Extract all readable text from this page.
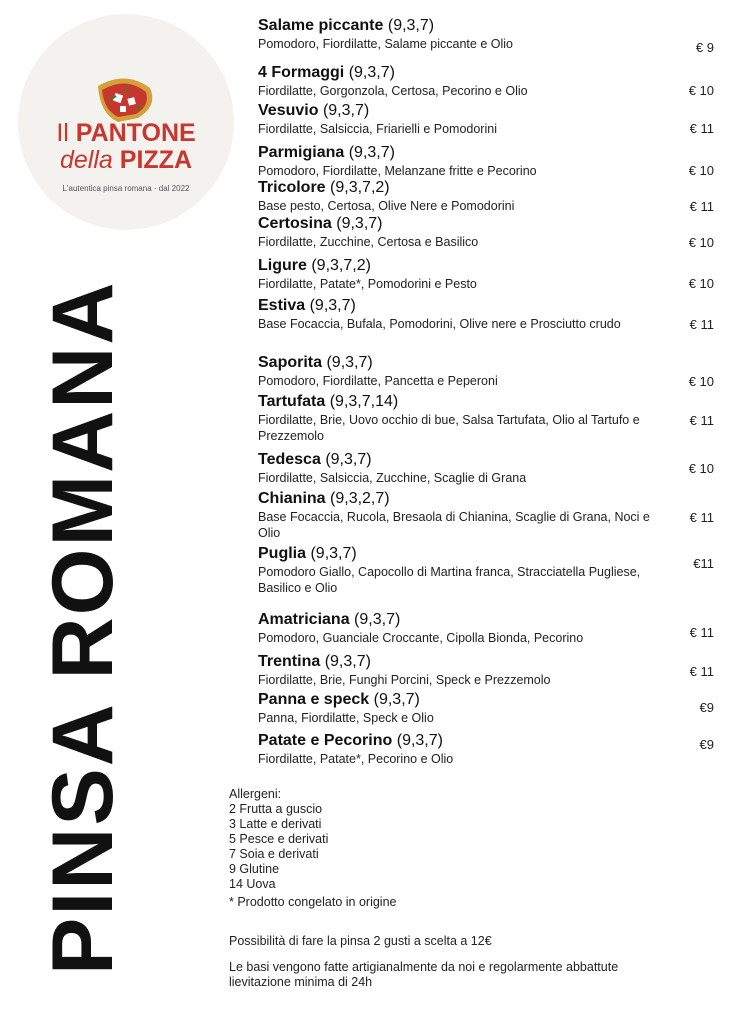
Il PANTONE
della PIZZA
L'autentica pinsa romana · dal 2022
PINSA ROMANA
Salame piccante (9,3,7)
Pomodoro, Fiordilatte, Salame piccante e Olio	€ 9
4 Formaggi (9,3,7)
Fiordilatte, Gorgonzola, Certosa, Pecorino e Olio	€ 10
Vesuvio (9,3,7)
Fiordilatte, Salsiccia, Friarielli e Pomodorini	€ 11
Parmigiana (9,3,7)
Pomodoro, Fiordilatte, Melanzane fritte e Pecorino	€ 10
Tricolore (9,3,7,2)
Base pesto, Certosa, Olive Nere e Pomodorini	€ 11
Certosina (9,3,7)
Fiordilatte, Zucchine, Certosa e Basilico	€ 10
Ligure (9,3,7,2)
Fiordilatte, Patate*, Pomodorini e Pesto	€ 10
Estiva (9,3,7)
Base Focaccia, Bufala, Pomodorini, Olive nere e Prosciutto crudo	€ 11
Saporita (9,3,7)
Pomodoro, Fiordilatte, Pancetta e Peperoni	€ 10
Tartufata (9,3,7,14)
Fiordilatte, Brie, Uovo occhio di bue, Salsa Tartufata, Olio al Tartufo e Prezzemolo
€ 11
Tedesca (9,3,7)
Fiordilatte, Salsiccia, Zucchine, Scaglie di Grana
€ 10
Chianina (9,3,2,7)
Base Focaccia, Rucola, Bresaola di Chianina, Scaglie di Grana, Noci e Olio
€ 11
Puglia (9,3,7)
Pomodoro Giallo, Capocollo di Martina franca, Stracciatella Pugliese, Basilico e Olio
€11
Amatriciana (9,3,7)
Pomodoro, Guanciale Croccante, Cipolla Bionda, Pecorino	€ 11
Trentina (9,3,7)
Fiordilatte, Brie, Funghi Porcini, Speck e Prezzemolo
€ 11
Panna e speck (9,3,7)
Panna, Fiordilatte, Speck e Olio
€9
Patate e Pecorino (9,3,7)
Fiordilatte, Patate*, Pecorino e Olio
€9
Allergeni:
2 Frutta a guscio
3 Latte e derivati
5 Pesce e derivati
7 Soia e derivati
9 Glutine
14 Uova
* Prodotto congelato in origine
Possibilità di fare la pinsa 2 gusti a scelta a 12€
Le basi vengono fatte artigianalmente da noi e regolarmente abbattute lievitazione minima di 24h
